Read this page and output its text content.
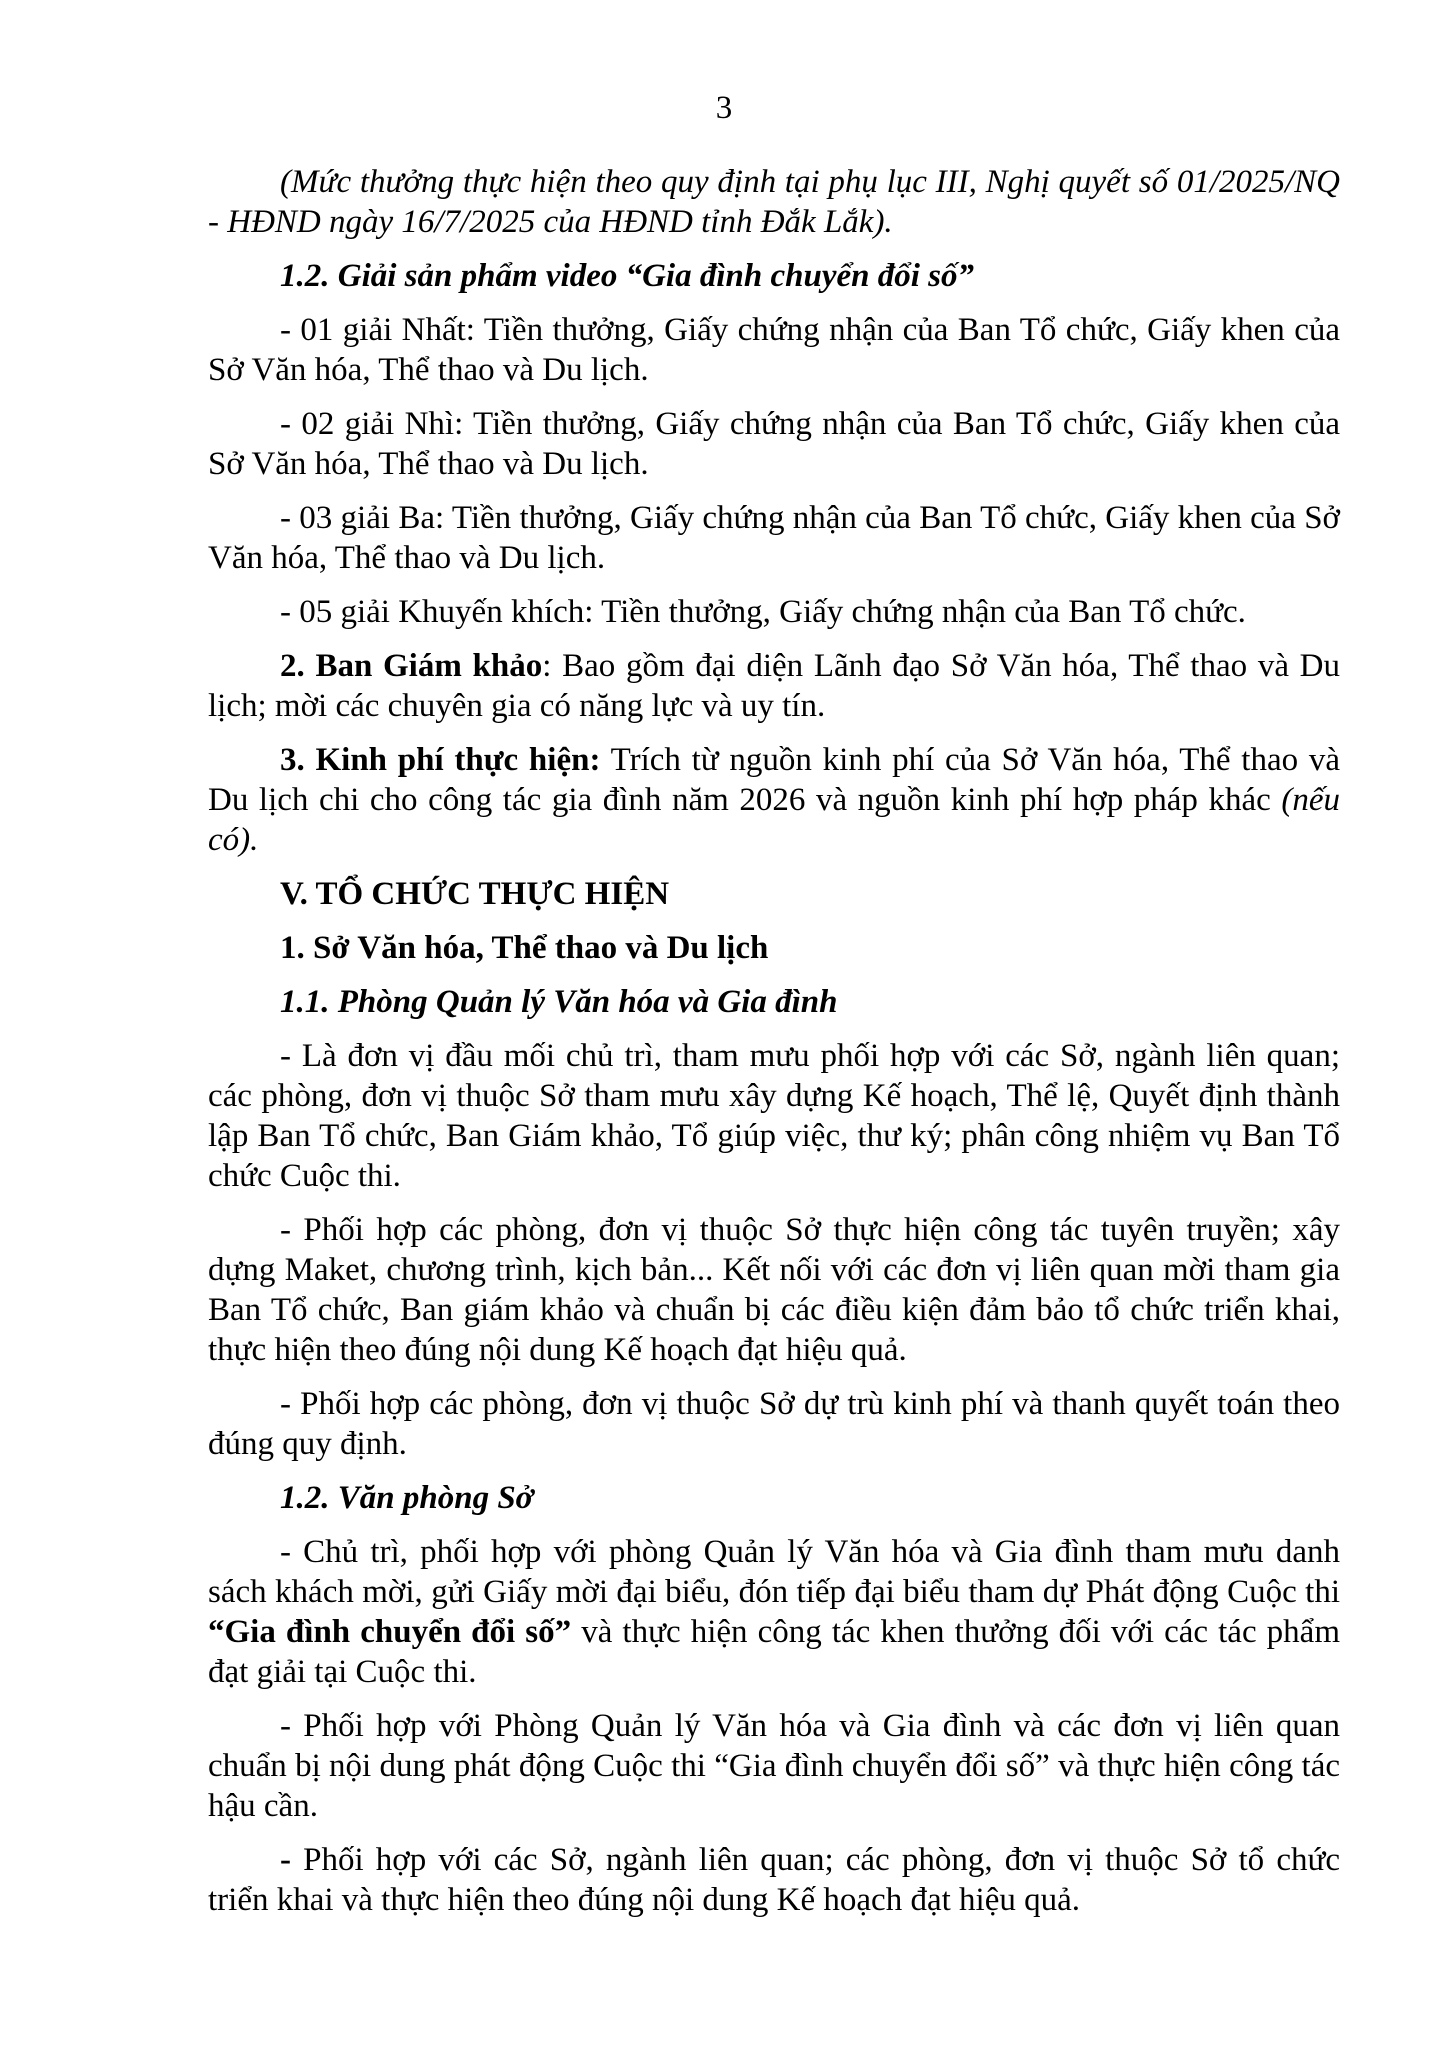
3

(Mức thưởng thực hiện theo quy định tại phụ lục III, Nghị quyết số 01/2025/NQ - HĐND ngày 16/7/2025 của HĐND tỉnh Đắk Lắk).

1.2. Giải sản phẩm video “Gia đình chuyển đổi số”

- 01 giải Nhất: Tiền thưởng, Giấy chứng nhận của Ban Tổ chức, Giấy khen của Sở Văn hóa, Thể thao và Du lịch.

- 02 giải Nhì: Tiền thưởng, Giấy chứng nhận của Ban Tổ chức, Giấy khen của Sở Văn hóa, Thể thao và Du lịch.

- 03 giải Ba: Tiền thưởng, Giấy chứng nhận của Ban Tổ chức, Giấy khen của Sở Văn hóa, Thể thao và Du lịch.

- 05 giải Khuyến khích: Tiền thưởng, Giấy chứng nhận của Ban Tổ chức.

2. Ban Giám khảo: Bao gồm đại diện Lãnh đạo Sở Văn hóa, Thể thao và Du lịch; mời các chuyên gia có năng lực và uy tín.

3. Kinh phí thực hiện: Trích từ nguồn kinh phí của Sở Văn hóa, Thể thao và Du lịch chi cho công tác gia đình năm 2026 và nguồn kinh phí hợp pháp khác (nếu có).

V. TỔ CHỨC THỰC HIỆN

1. Sở Văn hóa, Thể thao và Du lịch

1.1. Phòng Quản lý Văn hóa và Gia đình

- Là đơn vị đầu mối chủ trì, tham mưu phối hợp với các Sở, ngành liên quan; các phòng, đơn vị thuộc Sở tham mưu xây dựng Kế hoạch, Thể lệ, Quyết định thành lập Ban Tổ chức, Ban Giám khảo, Tổ giúp việc, thư ký; phân công nhiệm vụ Ban Tổ chức Cuộc thi.

- Phối hợp các phòng, đơn vị thuộc Sở thực hiện công tác tuyên truyền; xây dựng Maket, chương trình, kịch bản... Kết nối với các đơn vị liên quan mời tham gia Ban Tổ chức, Ban giám khảo và chuẩn bị các điều kiện đảm bảo tổ chức triển khai, thực hiện theo đúng nội dung Kế hoạch đạt hiệu quả.

- Phối hợp các phòng, đơn vị thuộc Sở dự trù kinh phí và thanh quyết toán theo đúng quy định.

1.2. Văn phòng Sở

- Chủ trì, phối hợp với phòng Quản lý Văn hóa và Gia đình tham mưu danh sách khách mời, gửi Giấy mời đại biểu, đón tiếp đại biểu tham dự Phát động Cuộc thi “Gia đình chuyển đổi số” và thực hiện công tác khen thưởng đối với các tác phẩm đạt giải tại Cuộc thi.

- Phối hợp với Phòng Quản lý Văn hóa và Gia đình và các đơn vị liên quan chuẩn bị nội dung phát động Cuộc thi “Gia đình chuyển đổi số” và thực hiện công tác hậu cần.

- Phối hợp với các Sở, ngành liên quan; các phòng, đơn vị thuộc Sở tổ chức triển khai và thực hiện theo đúng nội dung Kế hoạch đạt hiệu quả.
